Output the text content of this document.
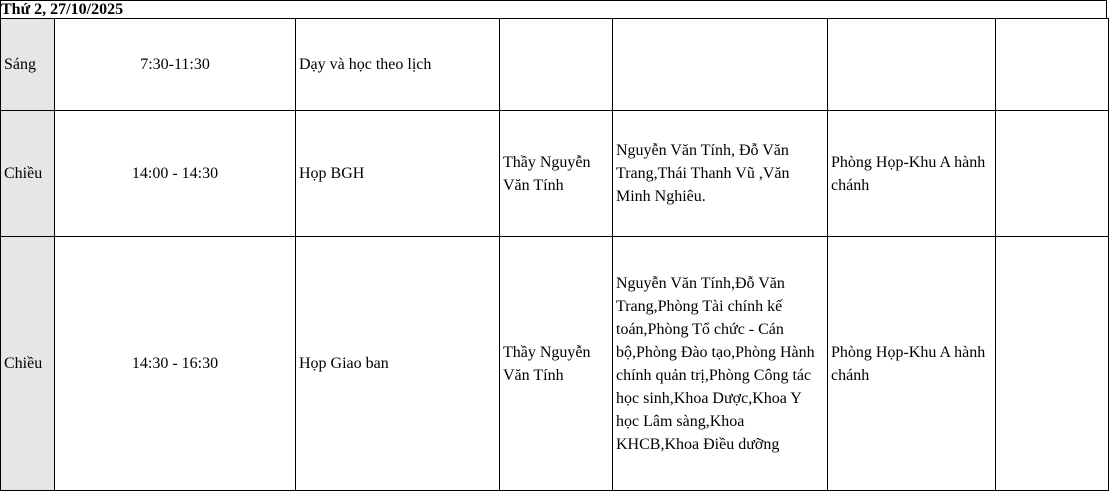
Thứ 2, 27/10/2025
Sáng	7:30-11:30	Dạy và học theo lịch				
Chiều	14:00 - 14:30	Họp BGH	Thầy Nguyễn Văn Tính	Nguyễn Văn Tính, Đỗ Văn Trang,Thái Thanh Vũ ,Văn Minh Nghiêu.	Phòng Họp-Khu A hành chánh	
Chiều	14:30 - 16:30	Họp Giao ban	Thầy Nguyễn Văn Tính	Nguyễn Văn Tính,Đỗ Văn Trang,Phòng Tài chính kế toán,Phòng Tổ chức - Cán bộ,Phòng Đào tạo,Phòng Hành chính quản trị,Phòng Công tác học sinh,Khoa Dược,Khoa Y học Lâm sàng,Khoa KHCB,Khoa Điều dưỡng	Phòng Họp-Khu A hành chánh	
